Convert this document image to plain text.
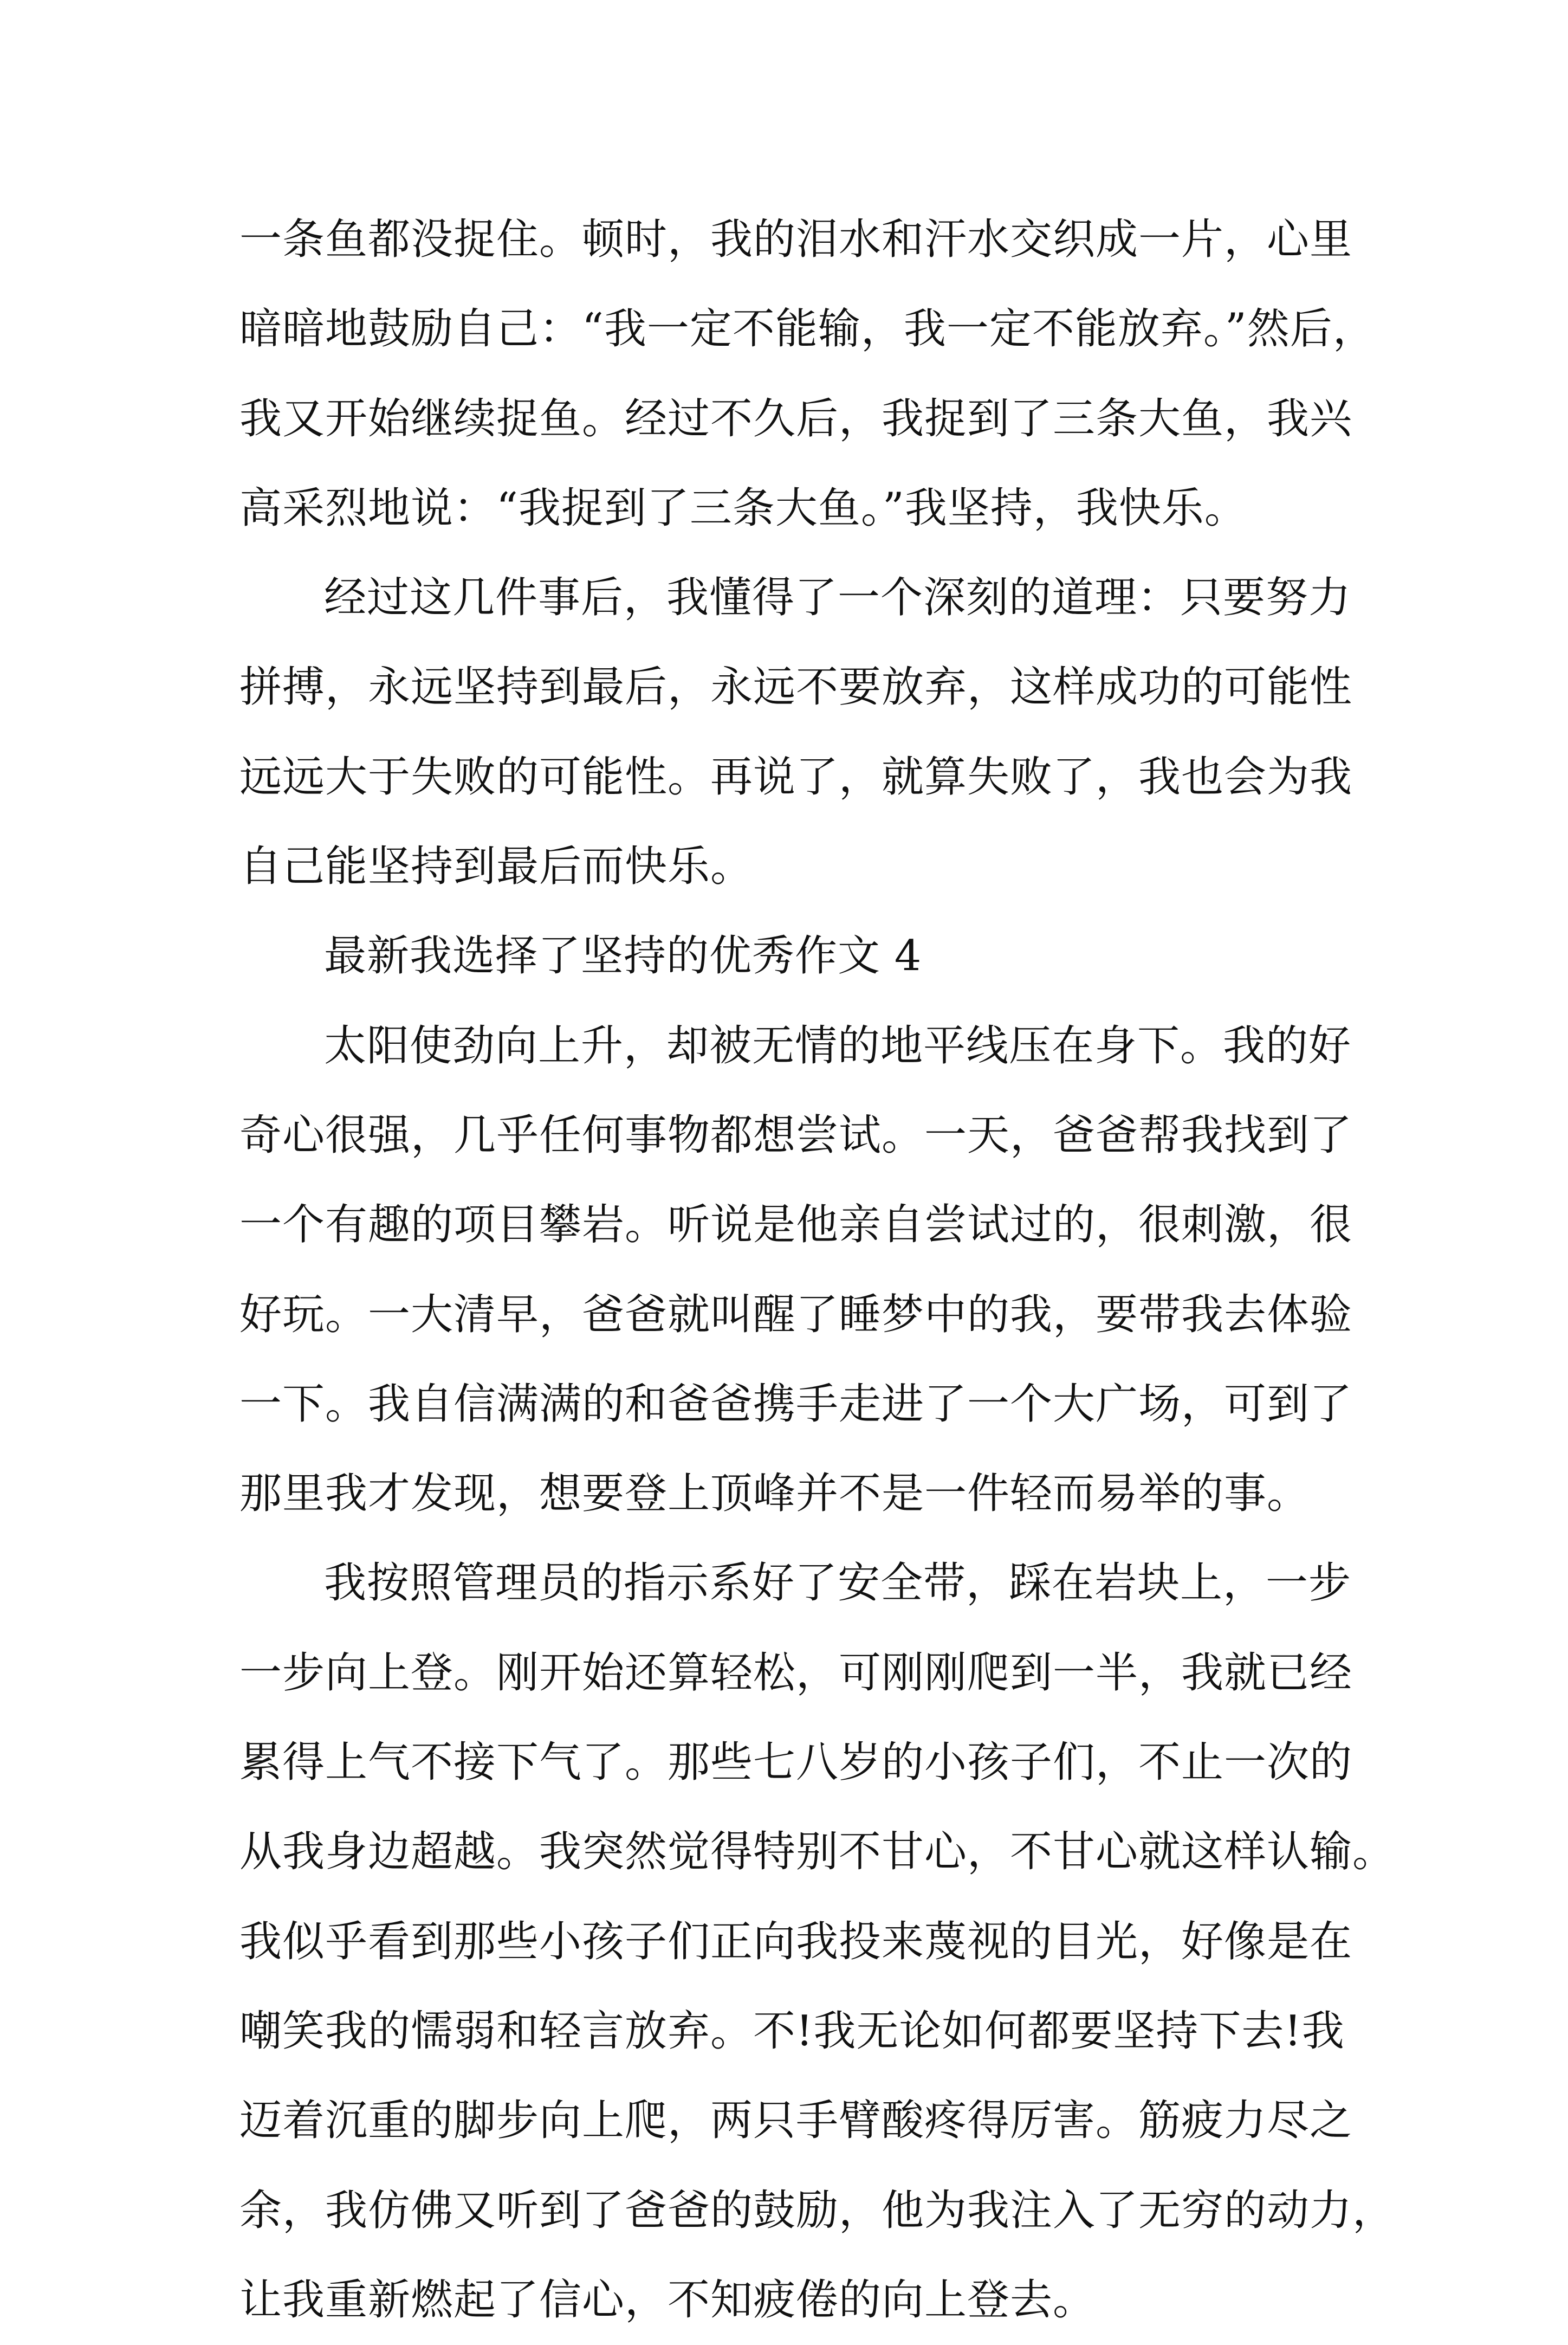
一条鱼都没捉住。顿时，我的泪水和汗水交织成一片，心里
暗暗地鼓励自己：“我一定不能输，我一定不能放弃。”然后，
我又开始继续捉鱼。经过不久后，我捉到了三条大鱼，我兴
高采烈地说：“我捉到了三条大鱼。”我坚持，我快乐。
经过这几件事后，我懂得了一个深刻的道理：只要努力
拼搏，永远坚持到最后，永远不要放弃，这样成功的可能性
远远大于失败的可能性。再说了，就算失败了，我也会为我
自己能坚持到最后而快乐。
最新我选择了坚持的优秀作文 4
太阳使劲向上升，却被无情的地平线压在身下。我的好
奇心很强，几乎任何事物都想尝试。一天，爸爸帮我找到了
一个有趣的项目攀岩。听说是他亲自尝试过的，很刺激，很
好玩。一大清早，爸爸就叫醒了睡梦中的我，要带我去体验
一下。我自信满满的和爸爸携手走进了一个大广场，可到了
那里我才发现，想要登上顶峰并不是一件轻而易举的事。
我按照管理员的指示系好了安全带，踩在岩块上，一步
一步向上登。刚开始还算轻松，可刚刚爬到一半，我就已经
累得上气不接下气了。那些七八岁的小孩子们，不止一次的
从我身边超越。我突然觉得特别不甘心，不甘心就这样认输。
我似乎看到那些小孩子们正向我投来蔑视的目光，好像是在
嘲笑我的懦弱和轻言放弃。不!我无论如何都要坚持下去!我
迈着沉重的脚步向上爬，两只手臂酸疼得厉害。筋疲力尽之
余，我仿佛又听到了爸爸的鼓励，他为我注入了无穷的动力，
让我重新燃起了信心，不知疲倦的向上登去。
